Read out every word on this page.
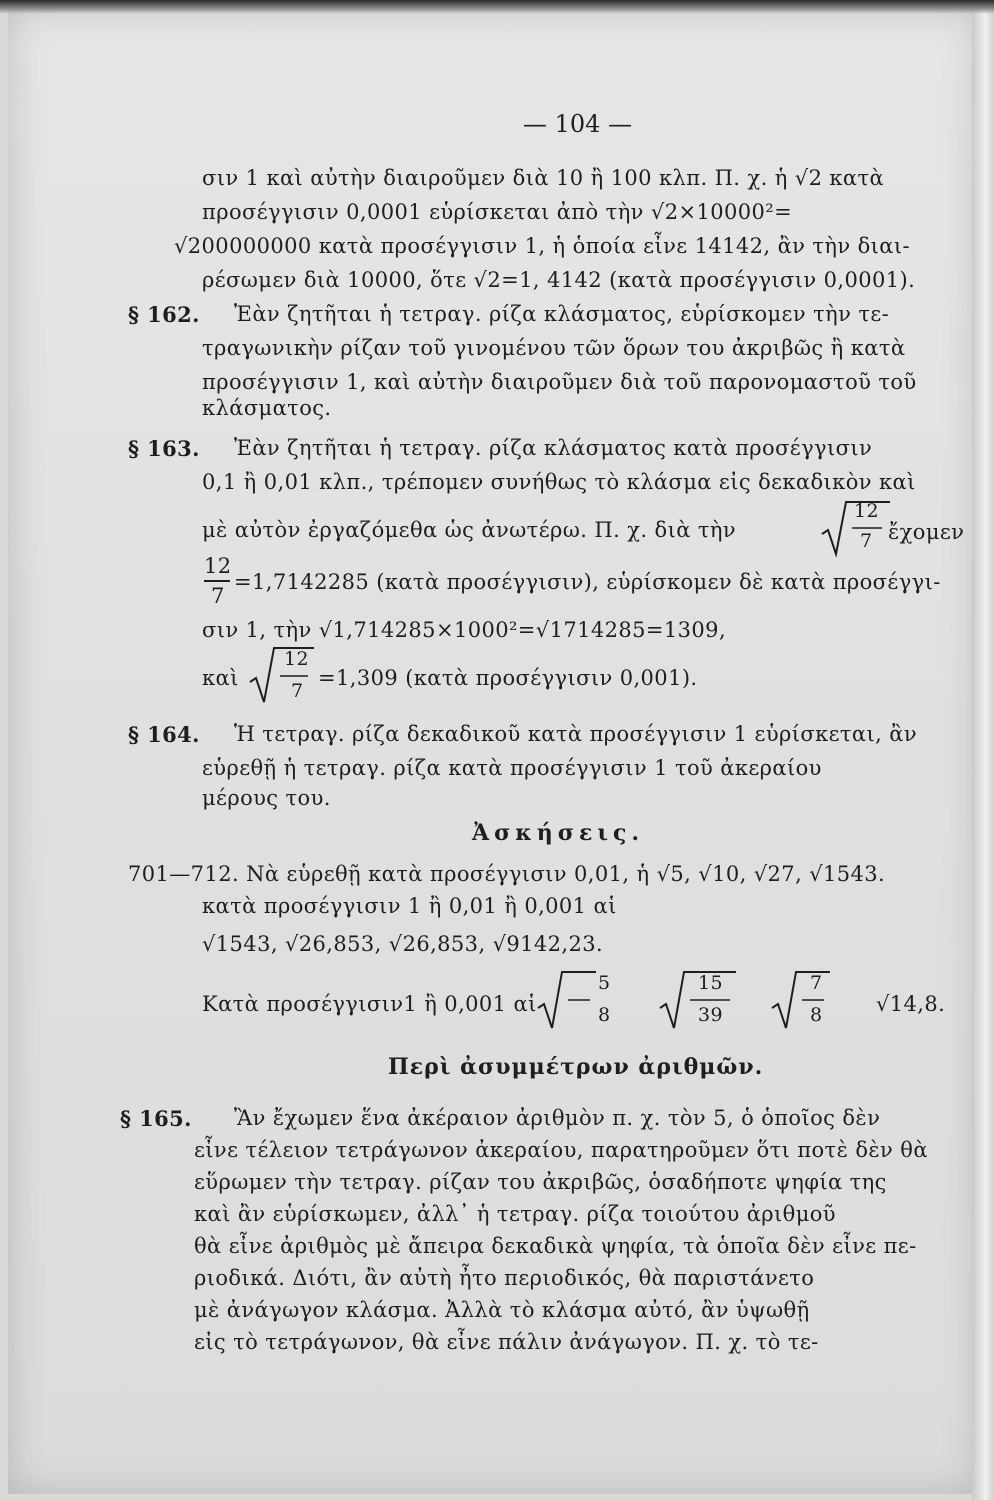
— 104 —
σιν 1 καὶ αὐτὴν διαιροῦμεν διὰ 10 ἢ 100 κλπ. Π. χ. ἡ √2 κατὰ
προσέγγισιν 0,0001 εὑρίσκεται ἀπὸ τὴν √2×10000²=
√200000000 κατὰ προσέγγισιν 1, ἡ ὁποία εἶνε 14142, ἂν τὴν διαι-
ρέσωμεν διὰ 10000, ὅτε √2=1, 4142 (κατὰ προσέγγισιν 0,0001).
§ 162. Ἐὰν ζητῆται ἡ τετραγ. ρίζα κλάσματος, εὑρίσκομεν τὴν τε-
τραγωνικὴν ρίζαν τοῦ γινομένου τῶν ὅρων του ἀκριβῶς ἢ κατὰ
προσέγγισιν 1, καὶ αὐτὴν διαιροῦμεν διὰ τοῦ παρονομαστοῦ τοῦ
κλάσματος.
§ 163. Ἐὰν ζητῆται ἡ τετραγ. ρίζα κλάσματος κατὰ προσέγγισιν
0,1 ἢ 0,01 κλπ., τρέπομεν συνήθως τὸ κλάσμα εἰς δεκαδικὸν καὶ
μὲ αὐτὸν ἐργαζόμεθα ὡς ἀνωτέρω. Π. χ. διὰ τὴν
12
7 ἔχομεν
12
7
=1,7142285 (κατὰ προσέγγισιν), εὑρίσκομεν δὲ κατὰ προσέγγι-
σιν 1, τὴν √1,714285×1000²=√1714285=1309,
καὶ
12
7
=1,309 (κατὰ προσέγγισιν 0,001).
§ 164. Ἡ τετραγ. ρίζα δεκαδικοῦ κατὰ προσέγγισιν 1 εὑρίσκεται, ἂν
εὑρεθῇ ἡ τετραγ. ρίζα κατὰ προσέγγισιν 1 τοῦ ἀκεραίου
μέρους του.
Ἀσκήσεις.
701—712. Νὰ εὑρεθῇ κατὰ προσέγγισιν 0,01, ἡ √5, √10, √27, √1543.
κατὰ προσέγγισιν 1 ἢ 0,01 ἢ 0,001 αἱ
√1543, √26,853, √26,853, √9142,23.
Κατὰ προσέγγισιν1 ἢ 0,001 αἱ
5
8
15
39
7
8	√14,8.
Περὶ ἀσυμμέτρων ἀριθμῶν.
§ 165. Ἂν ἔχωμεν ἕνα ἀκέραιον ἀριθμὸν π. χ. τὸν 5, ὁ ὁποῖος δὲν
εἶνε τέλειον τετράγωνον ἀκεραίου, παρατηροῦμεν ὅτι ποτὲ δὲν θὰ
εὕρωμεν τὴν τετραγ. ρίζαν του ἀκριβῶς, ὁσαδήποτε ψηφία της
καὶ ἂν εὑρίσκωμεν, ἀλλ᾽ ἡ τετραγ. ρίζα τοιούτου ἀριθμοῦ
θὰ εἶνε ἀριθμὸς μὲ ἄπειρα δεκαδικὰ ψηφία, τὰ ὁποῖα δὲν εἶνε πε-
ριοδικά. Διότι, ἂν αὐτὴ ἦτο περιοδικός, θὰ παριστάνετο
μὲ ἀνάγωγον κλάσμα. Ἀλλὰ τὸ κλάσμα αὐτό, ἂν ὑψωθῇ
εἰς τὸ τετράγωνον, θὰ εἶνε πάλιν ἀνάγωγον. Π. χ. τὸ τε-
